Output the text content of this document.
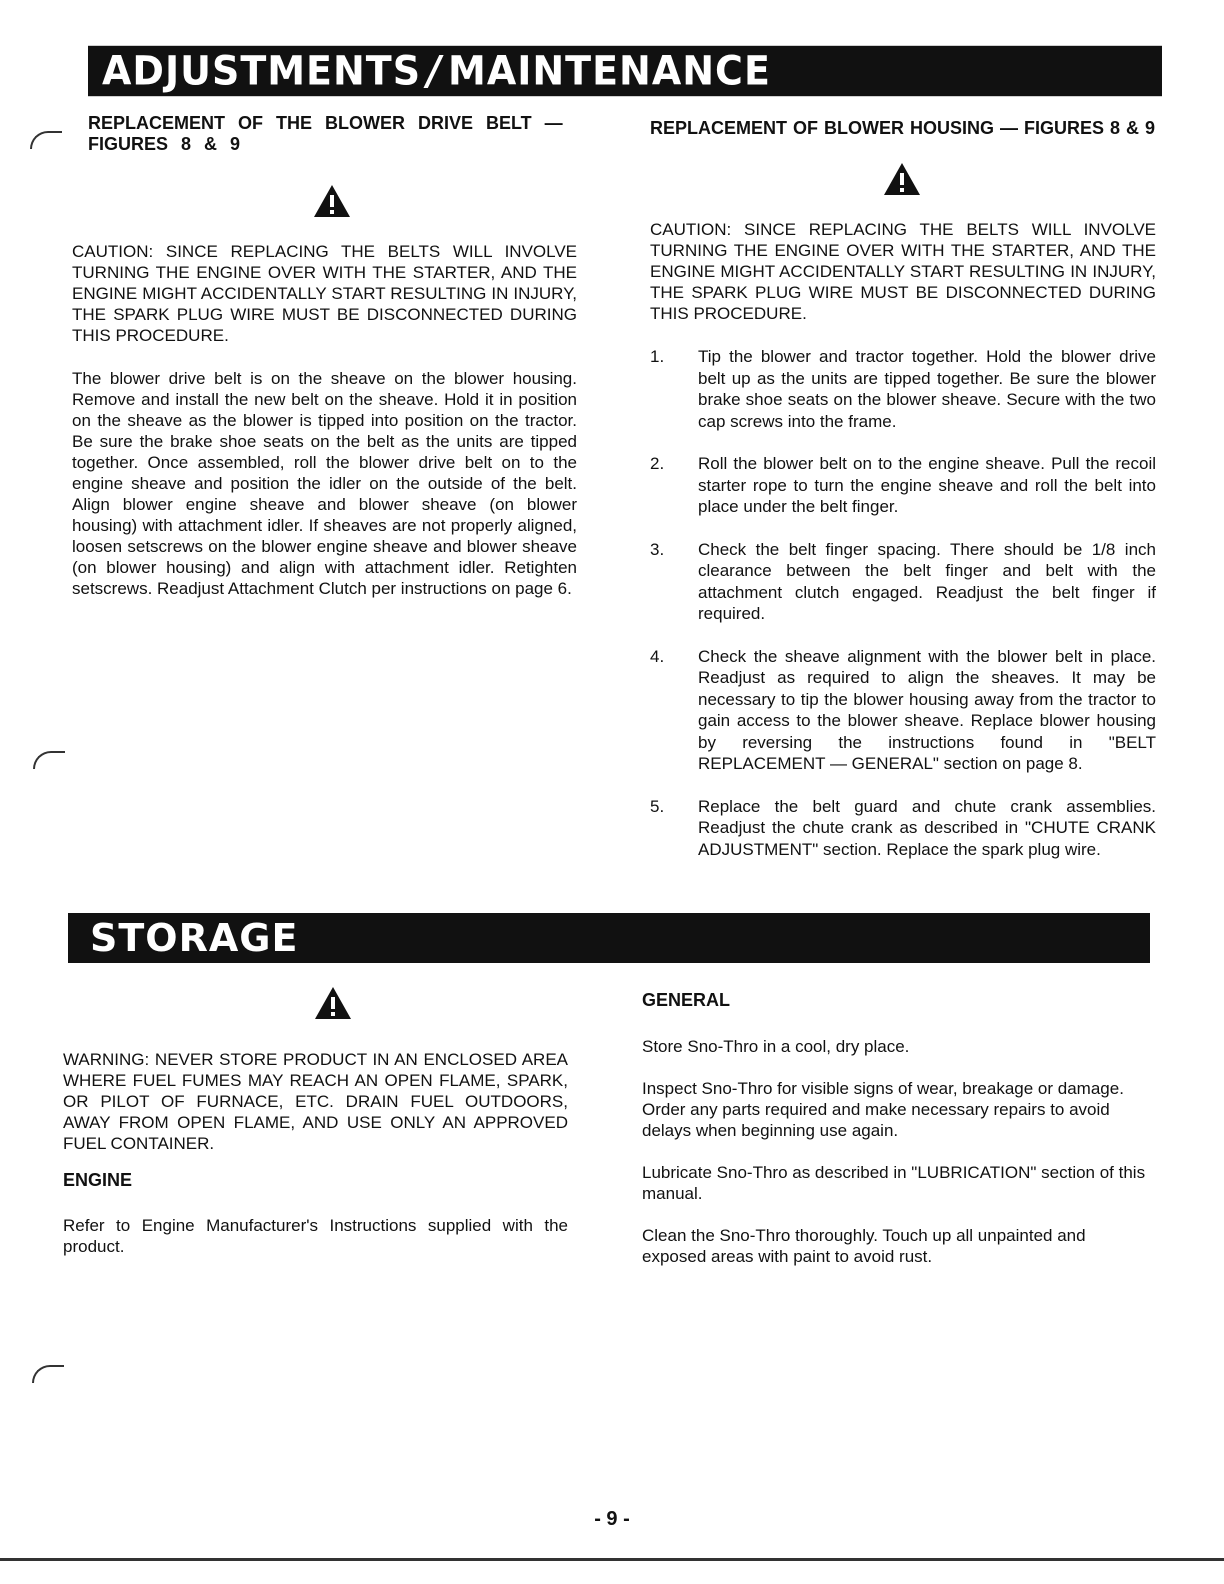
ADJUSTMENTS / MAINTENANCE
REPLACEMENT OF THE BLOWER DRIVE BELT — FIGURES 8 & 9

CAUTION: SINCE REPLACING THE BELTS WILL INVOLVE TURNING THE ENGINE OVER WITH THE STARTER, AND THE ENGINE MIGHT ACCIDENTALLY START RESULTING IN INJURY, THE SPARK PLUG WIRE MUST BE DISCONNECTED DURING THIS PROCEDURE.

The blower drive belt is on the sheave on the blower housing. Remove and install the new belt on the sheave. Hold it in position on the sheave as the blower is tipped into position on the tractor. Be sure the brake shoe seats on the belt as the units are tipped together. Once assembled, roll the blower drive belt on to the engine sheave and position the idler on the outside of the belt. Align blower engine sheave and blower sheave (on blower housing) with attachment idler. If sheaves are not properly aligned, loosen setscrews on the blower engine sheave and blower sheave (on blower housing) and align with attachment idler. Retighten setscrews. Readjust Attachment Clutch per instructions on page 6.

REPLACEMENT OF BLOWER HOUSING — FIGURES 8 & 9

CAUTION: SINCE REPLACING THE BELTS WILL INVOLVE TURNING THE ENGINE OVER WITH THE STARTER, AND THE ENGINE MIGHT ACCIDENTALLY START RESULTING IN INJURY, THE SPARK PLUG WIRE MUST BE DISCONNECTED DURING THIS PROCEDURE.

1.	Tip the blower and tractor together. Hold the blower drive belt up as the units are tipped together. Be sure the blower brake shoe seats on the blower sheave. Secure with the two cap screws into the frame.
2.	Roll the blower belt on to the engine sheave. Pull the recoil starter rope to turn the engine sheave and roll the belt into place under the belt finger.
3.	Check the belt finger spacing. There should be 1/8 inch clearance between the belt finger and belt with the attachment clutch engaged. Readjust the belt finger if required.
4.	Check the sheave alignment with the blower belt in place. Readjust as required to align the sheaves. It may be necessary to tip the blower housing away from the tractor to gain access to the blower sheave. Replace blower housing by reversing the instructions found in "BELT REPLACEMENT — GENERAL" section on page 8.
5.	Replace the belt guard and chute crank assemblies. Readjust the chute crank as described in "CHUTE CRANK ADJUSTMENT" section. Replace the spark plug wire.
STORAGE

WARNING: NEVER STORE PRODUCT IN AN ENCLOSED AREA WHERE FUEL FUMES MAY REACH AN OPEN FLAME, SPARK, OR PILOT OF FURNACE, ETC. DRAIN FUEL OUTDOORS, AWAY FROM OPEN FLAME, AND USE ONLY AN APPROVED FUEL CONTAINER.

ENGINE

Refer to Engine Manufacturer's Instructions supplied with the product.

GENERAL

Store Sno-Thro in a cool, dry place.

Inspect Sno-Thro for visible signs of wear, breakage or damage. Order any parts required and make necessary repairs to avoid delays when beginning use again.

Lubricate Sno-Thro as described in "LUBRICATION" section of this manual.

Clean the Sno-Thro thoroughly. Touch up all unpainted and exposed areas with paint to avoid rust.

- 9 -
